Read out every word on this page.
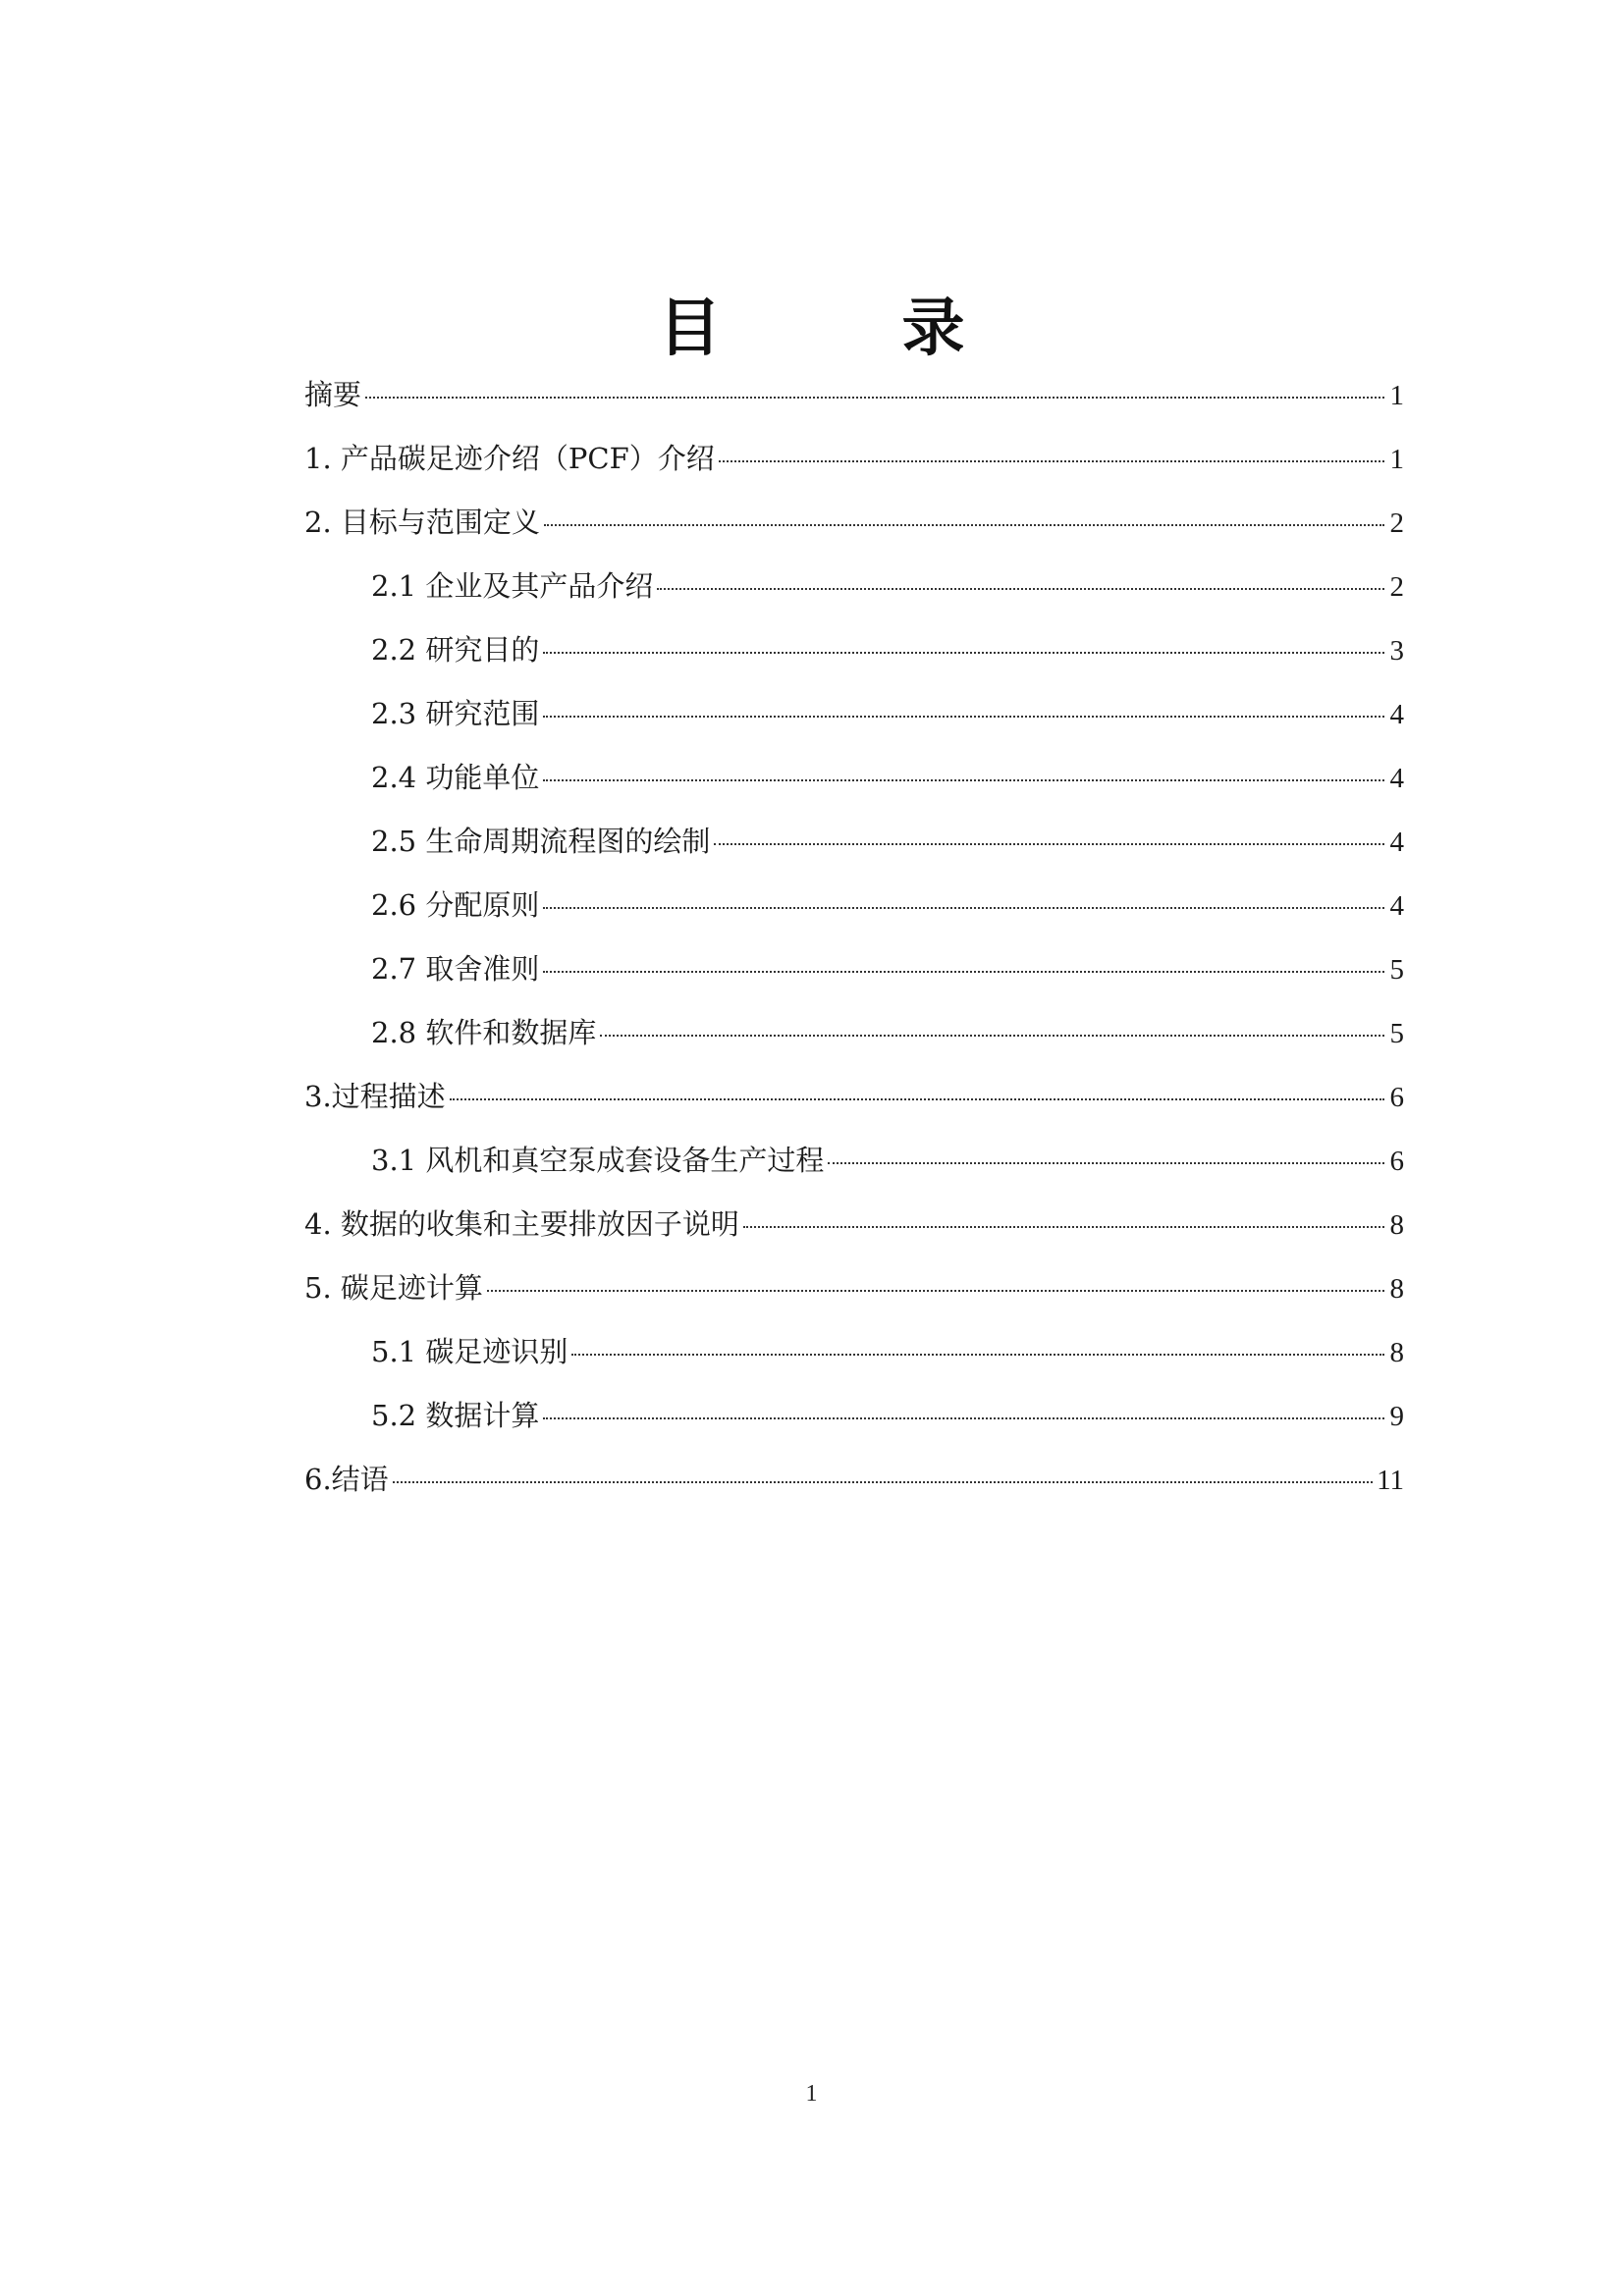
目　录
摘要	1
1. 产品碳足迹介绍（PCF）介绍	1
2. 目标与范围定义	2
2.1 企业及其产品介绍	2
2.2 研究目的	3
2.3 研究范围	4
2.4 功能单位	4
2.5 生命周期流程图的绘制	4
2.6 分配原则	4
2.7 取舍准则	5
2.8 软件和数据库	5
3.过程描述	6
3.1 风机和真空泵成套设备生产过程	6
4. 数据的收集和主要排放因子说明	8
5. 碳足迹计算	8
5.1 碳足迹识别	8
5.2 数据计算	9
6.结语	11
1
